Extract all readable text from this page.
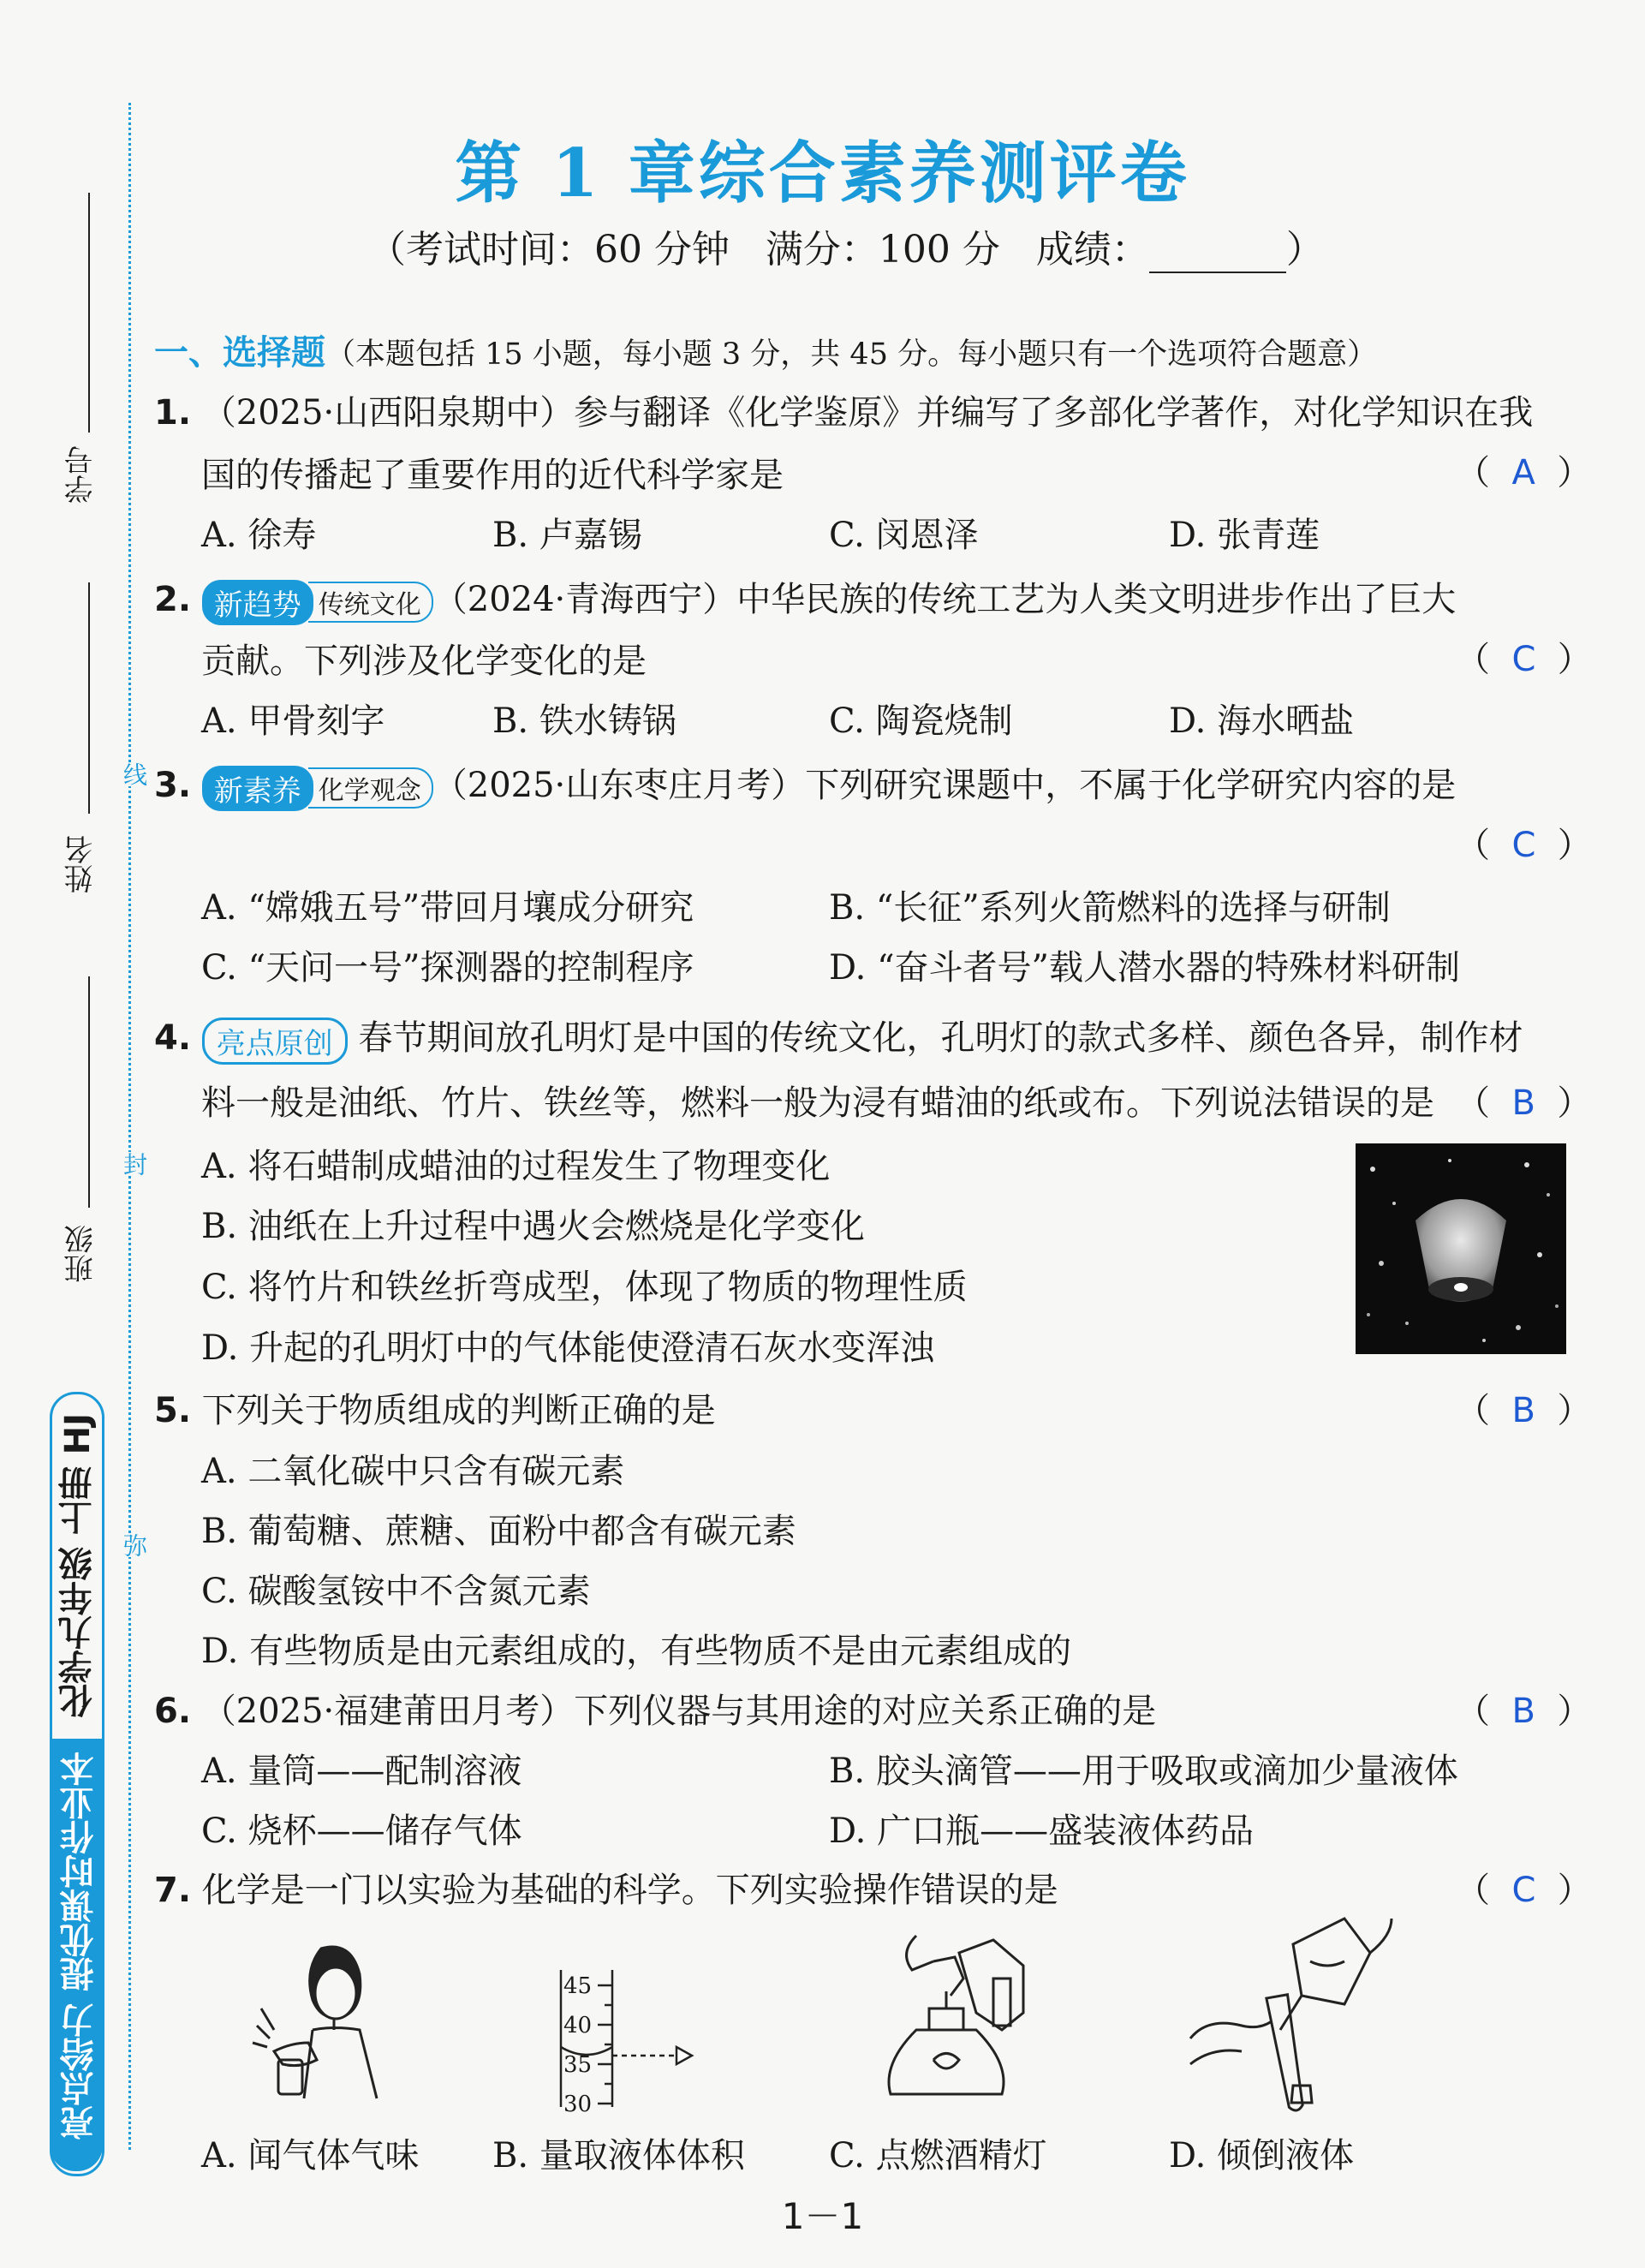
线
封
弥
学号
姓名
班级
化学九年级 上册 HJ
亮点给力 提优课时作业本
第 1 章综合素养测评卷
（考试时间：60 分钟   满分：100 分   成绩：	）
一、选择题（本题包括 15 小题，每小题 3 分，共 45 分。每小题只有一个选项符合题意）
1. （2025·山西阳泉期中）参与翻译《化学鉴原》并编写了多部化学著作，对化学知识在我
国的传播起了重要作用的近代科学家是	（  A  ）
A. 徐寿	B. 卢嘉锡	C. 闵恩泽	D. 张青莲
2. 新趋势 传统文化 （2024·青海西宁）中华民族的传统工艺为人类文明进步作出了巨大
贡献。下列涉及化学变化的是	（  C  ）
A. 甲骨刻字	B. 铁水铸锅	C. 陶瓷烧制	D. 海水晒盐
3. 新素养 化学观念 （2025·山东枣庄月考）下列研究课题中，不属于化学研究内容的是
（  C  ）
A. “嫦娥五号”带回月壤成分研究	B. “长征”系列火箭燃料的选择与研制
C. “天问一号”探测器的控制程序	D. “奋斗者号”载人潜水器的特殊材料研制
4. 亮点原创 春节期间放孔明灯是中国的传统文化，孔明灯的款式多样、颜色各异，制作材
料一般是油纸、竹片、铁丝等，燃料一般为浸有蜡油的纸或布。下列说法错误的是 （  B  ）
A. 将石蜡制成蜡油的过程发生了物理变化
B. 油纸在上升过程中遇火会燃烧是化学变化
C. 将竹片和铁丝折弯成型，体现了物质的物理性质
D. 升起的孔明灯中的气体能使澄清石灰水变浑浊
5. 下列关于物质组成的判断正确的是	（  B  ）
A. 二氧化碳中只含有碳元素
B. 葡萄糖、蔗糖、面粉中都含有碳元素
C. 碳酸氢铵中不含氮元素
D. 有些物质是由元素组成的，有些物质不是由元素组成的
6. （2025·福建莆田月考）下列仪器与其用途的对应关系正确的是	（  B  ）
A. 量筒——配制溶液	B. 胶头滴管——用于吸取或滴加少量液体
C. 烧杯——储存气体	D. 广口瓶——盛装液体药品
7. 化学是一门以实验为基础的科学。下列实验操作错误的是	（  C  ）
45
40
35
30
A. 闻气体气味 B. 量取液体体积 C. 点燃酒精灯	D. 倾倒液体
1－1
